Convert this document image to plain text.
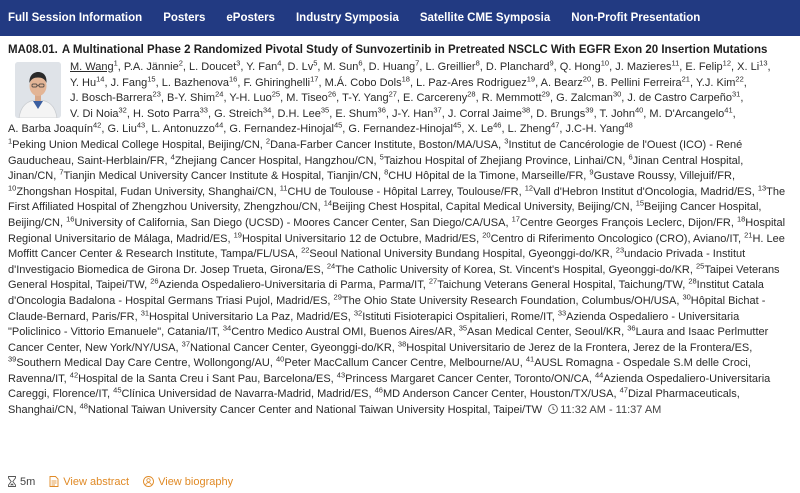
Full Session Information Posters ePosters Industry Symposia Satellite CME Symposia Non-Profit Presentation
MA08.01. A Multinational Phase 2 Randomized Pivotal Study of Sunvozertinib in Pretreated NSCLC With EGFR Exon 20 Insertion Mutations
M. Wang$^1$, P.A. Jännie$^2$, L. Doucet$^3$, Y. Fan$^4$, D. Lv$^5$, M. Sun$^6$, D. Huang$^7$, L. Greillier$^8$, D. Planchard$^9$, Q. Hong$^{10}$, J. Mazieres$^{11}$, E. Felip$^{12}$, X. Li$^{13}$, Y. Hu$^{14}$, J. Fang$^{15}$, L. Bazhenova$^{16}$, F. Ghiringhelli$^{17}$, M.Á. Cobo Dols$^{18}$, L. Paz-Ares Rodriguez$^{19}$, A. Bearz$^{20}$, B. Pellini Ferreira$^{21}$, Y.J. Kim$^{22}$, J. Bosch-Barrera$^{23}$, B-Y. Shim$^{24}$, Y-H. Luo$^{25}$, M. Tiseo$^{26}$, T-Y. Yang$^{27}$, E. Carcereny$^{28}$, R. Memmott$^{29}$, G. Zalcman$^{30}$, J. de Castro Carpeño$^{31}$, V. Di Noia$^{32}$, H. Soto Parra$^{33}$, G. Streich$^{34}$, D.H. Lee$^{35}$, E. Shum$^{36}$, J-Y. Han$^{37}$, J. Corral Jaime$^{38}$, D. Brungs$^{39}$, T. John$^{40}$, M. D'Arcangelo$^{41}$, A. Barba Joaquín$^{42}$, G. Liu$^{43}$, L. Antonuzzo$^{44}$, G. Fernandez-Hinojal$^{45}$, G. Fernandez-Hinojal$^{45}$, X. Le$^{46}$, L. Zheng$^{47}$, J.C-H. Yang$^{48}$
$^1$Peking Union Medical College Hospital, Beijing/CN, $^2$Dana-Farber Cancer Institute, Boston/MA/USA, $^3$Institut de Cancérologie de l'Ouest (ICO) - René Gauducheau, Saint-Herblain/FR, $^4$Zhejiang Cancer Hospital, Hangzhou/CN, $^5$Taizhou Hospital of Zhejiang Province, Linhai/CN, $^6$Jinan Central Hospital, Jinan/CN, $^7$Tianjin Medical University Cancer Institute & Hospital, Tianjin/CN, $^8$CHU Hôpital de la Timone, Marseille/FR, $^9$Gustave Roussy, Villejuif/FR, $^{10}$Zhongshan Hospital, Fudan University, Shanghai/CN, $^{11}$CHU de Toulouse - Hôpital Larrey, Toulouse/FR, $^{12}$Vall d'Hebron Institut d'Oncologia, Madrid/ES, $^{13}$The First Affiliated Hospital of Zhengzhou University, Zhengzhou/CN, $^{14}$Beijing Chest Hospital, Capital Medical University, Beijing/CN, $^{15}$Beijing Cancer Hospital, Beijing/CN, $^{16}$University of California, San Diego (UCSD) - Moores Cancer Center, San Diego/CA/USA, $^{17}$Centre Georges François Leclerc, Dijon/FR, $^{18}$Hospital Regional Universitario de Málaga, Madrid/ES, $^{19}$Hospital Universitario 12 de Octubre, Madrid/ES, $^{20}$Centro di Riferimento Oncologico (CRO), Aviano/IT, $^{21}$H. Lee Moffitt Cancer Center & Research Institute, Tampa/FL/USA, $^{22}$Seoul National University Bundang Hospital, Gyeonggi-do/KR, $^{23}$undacio Privada - Institut d'Investigacio Biomedica de Girona Dr. Josep Trueta, Girona/ES, $^{24}$The Catholic University of Korea, St. Vincent's Hospital, Gyeonggi-do/KR, $^{25}$Taipei Veterans General Hospital, Taipei/TW, $^{26}$Azienda Ospedaliero-Universitaria di Parma, Parma/IT, $^{27}$Taichung Veterans General Hospital, Taichung/TW, $^{28}$Institut Catala d'Oncologia Badalona - Hospital Germans Triasi Pujol, Madrid/ES, $^{29}$The Ohio State University Research Foundation, Columbus/OH/USA, $^{30}$Hôpital Bichat - Claude-Bernard, Paris/FR, $^{31}$Hospital Universitario La Paz, Madrid/ES, $^{32}$Istituti Fisioterapici Ospitalieri, Rome/IT, $^{33}$Azienda Ospedaliero - Universitaria "Policlinico - Vittorio Emanuele", Catania/IT, $^{34}$Centro Medico Austral OMI, Buenos Aires/AR, $^{35}$Asan Medical Center, Seoul/KR, $^{36}$Laura and Isaac Perlmutter Cancer Center, New York/NY/USA, $^{37}$National Cancer Center, Gyeonggi-do/KR, $^{38}$Hospital Universitario de Jerez de la Frontera, Jerez de la Frontera/ES, $^{39}$Southern Medical Day Care Centre, Wollongong/AU, $^{40}$Peter MacCallum Cancer Centre, Melbourne/AU, $^{41}$AUSL Romagna - Ospedale S.M delle Croci, Ravenna/IT, $^{42}$Hospital de la Santa Creu i Sant Pau, Barcelona/ES, $^{43}$Princess Margaret Cancer Center, Toronto/ON/CA, $^{44}$Azienda Ospedaliero-Universitaria Careggi, Florence/IT, $^{45}$Clínica Universidad de Navarra-Madrid, Madrid/ES, $^{46}$MD Anderson Cancer Center, Houston/TX/USA, $^{47}$Dizal Pharmaceuticals, Shanghai/CN, $^{48}$National Taiwan University Cancer Center and National Taiwan University Hospital, Taipei/TW 11:32 AM - 11:37 AM
5m	View abstract	View biography
